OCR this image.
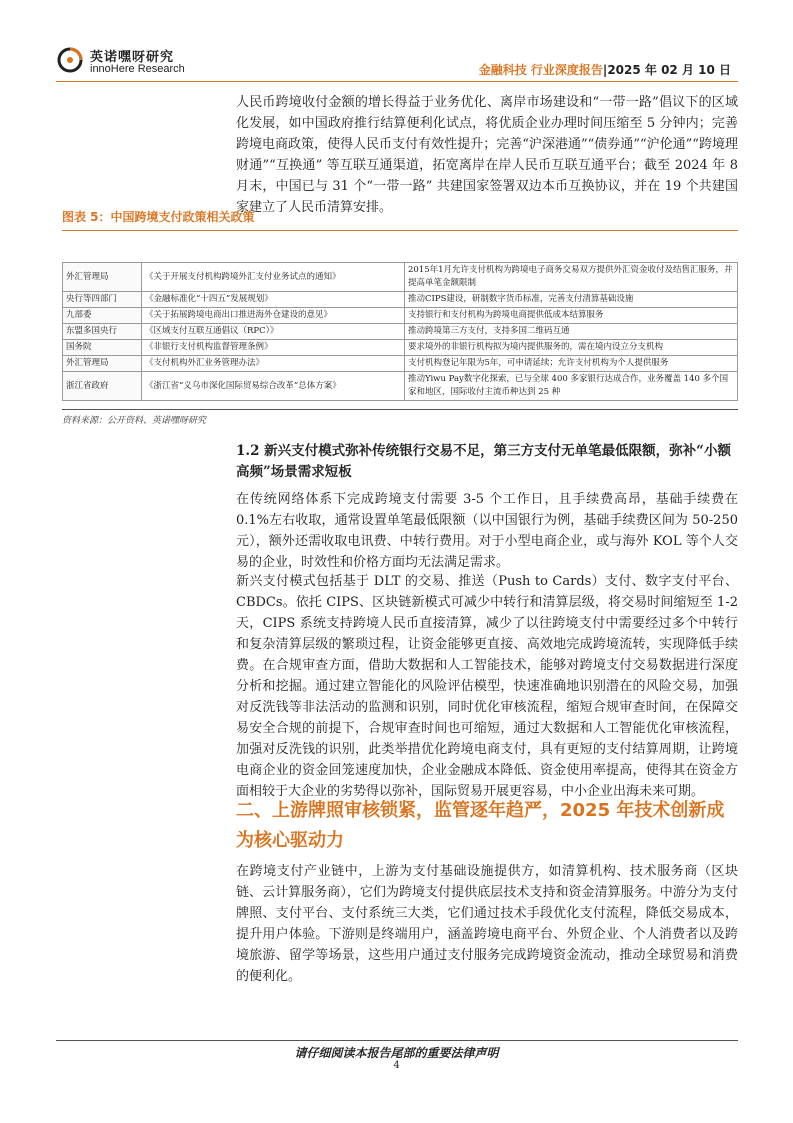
英诺嘿呀研究
innoHere Research	金融科技 行业深度报告|2025 年 02 月 10 日
人民币跨境收付金额的增长得益于业务优化、离岸市场建设和“一带一路”倡议下的区域化发展，如中国政府推行结算便利化试点，将优质企业办理时间压缩至 5 分钟内；完善跨境电商政策，使得人民币支付有效性提升；完善“沪深港通”“债券通”“沪伦通”“跨境理财通”“互换通” 等互联互通渠道，拓宽离岸在岸人民币互联互通平台；截至 2024 年 8 月末，中国已与 31 个“一带一路” 共建国家签署双边本币互换协议，并在 19 个共建国家建立了人民币清算安排。
图表 5：中国跨境支付政策相关政策
外汇管理局	《关于开展支付机构跨境外汇支付业务试点的通知》	2015年1月允许支付机构为跨境电子商务交易双方提供外汇资金收付及结售汇服务，并提高单笔金额限制
央行等四部门	《金融标准化“十四五”发展规划》	推动CIPS建设，研制数字货币标准，完善支付清算基础设施
九部委	《关于拓展跨境电商出口推进海外仓建设的意见》	支持银行和支付机构为跨境电商提供低成本结算服务
东盟多国央行	《区域支付互联互通倡议（RPC）》	推动跨境第三方支付，支持多国二维码互通
国务院	《非银行支付机构监督管理条例》	要求境外的非银行机构拟为境内提供服务的，需在境内设立分支机构
外汇管理局	《支付机构外汇业务管理办法》	支付机构登记年限为5年，可申请延续；允许支付机构为个人提供服务
浙江省政府	《浙江省“义乌市深化国际贸易综合改革”总体方案》	推动Yiwu Pay数字化探索，已与全球 400 多家银行达成合作，业务覆盖 140 多个国家和地区，国际收付主流币种达到 25 种
资料来源：公开资料、英诺嘿呀研究
1.2 新兴支付模式弥补传统银行交易不足，第三方支付无单笔最低限额，弥补“小额高频”场景需求短板
在传统网络体系下完成跨境支付需要 3-5 个工作日，且手续费高昂，基础手续费在 0.1%左右收取，通常设置单笔最低限额（以中国银行为例，基础手续费区间为 50-250 元），额外还需收取电讯费、中转行费用。对于小型电商企业，或与海外 KOL 等个人交易的企业，时效性和价格方面均无法满足需求。
新兴支付模式包括基于 DLT 的交易、推送（Push to Cards）支付、数字支付平台、CBDCs。依托 CIPS、区块链新模式可减少中转行和清算层级，将交易时间缩短至 1-2 天，CIPS 系统支持跨境人民币直接清算，减少了以往跨境支付中需要经过多个中转行和复杂清算层级的繁琐过程，让资金能够更直接、高效地完成跨境流转，实现降低手续费。在合规审查方面，借助大数据和人工智能技术，能够对跨境支付交易数据进行深度分析和挖掘。通过建立智能化的风险评估模型，快速准确地识别潜在的风险交易，加强对反洗钱等非法活动的监测和识别，同时优化审核流程，缩短合规审查时间，在保障交易安全合规的前提下，合规审查时间也可缩短，通过大数据和人工智能优化审核流程，加强对反洗钱的识别，此类举措优化跨境电商支付，具有更短的支付结算周期，让跨境电商企业的资金回笼速度加快，企业金融成本降低、资金使用率提高，使得其在资金方面相较于大企业的劣势得以弥补，国际贸易开展更容易，中小企业出海未来可期。
二、上游牌照审核锁紧，监管逐年趋严，2025 年技术创新成为核心驱动力
在跨境支付产业链中，上游为支付基础设施提供方，如清算机构、技术服务商（区块链、云计算服务商），它们为跨境支付提供底层技术支持和资金清算服务。中游分为支付牌照、支付平台、支付系统三大类，它们通过技术手段优化支付流程，降低交易成本，提升用户体验。下游则是终端用户，涵盖跨境电商平台、外贸企业、个人消费者以及跨境旅游、留学等场景，这些用户通过支付服务完成跨境资金流动，推动全球贸易和消费的便利化。
请仔细阅读本报告尾部的重要法律声明
4
